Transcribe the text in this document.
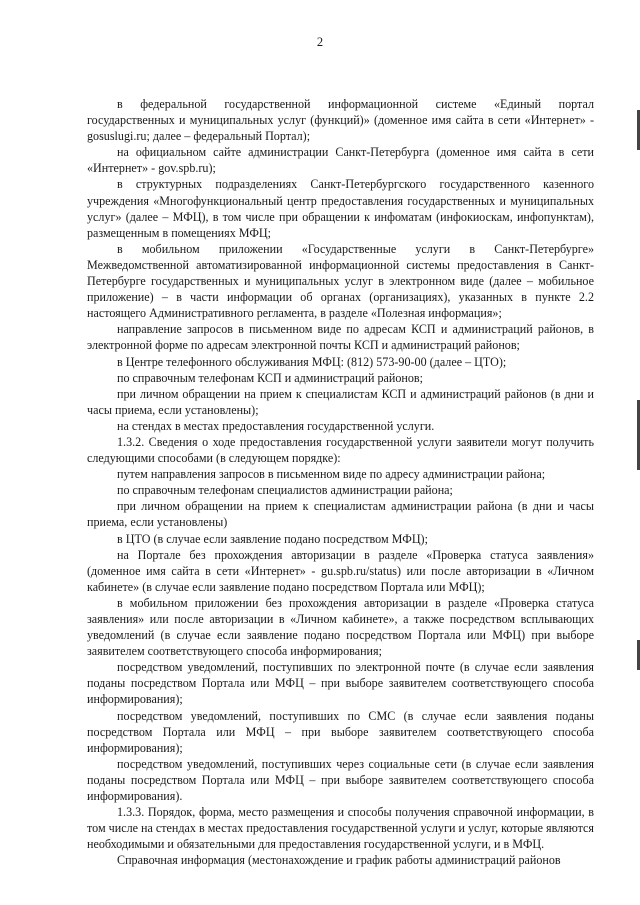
2

в федеральной государственной информационной системе «Единый портал государственных и муниципальных услуг (функций)» (доменное имя сайта в сети «Интернет» - gosuslugi.ru; далее – федеральный Портал);

на официальном сайте администрации Санкт-Петербурга (доменное имя сайта в сети «Интернет» - gov.spb.ru);

в структурных подразделениях Санкт-Петербургского государственного казенного учреждения «Многофункциональный центр предоставления государственных и муниципальных услуг» (далее – МФЦ), в том числе при обращении к инфоматам (инфокиоскам, инфопунктам), размещенным в помещениях МФЦ;

в мобильном приложении «Государственные услуги в Санкт-Петербурге» Межведомственной автоматизированной информационной системы предоставления в Санкт-Петербурге государственных и муниципальных услуг в электронном виде (далее – мобильное приложение) – в части информации об органах (организациях), указанных в пункте 2.2 настоящего Административного регламента, в разделе «Полезная информация»;

направление запросов в письменном виде по адресам КСП и администраций районов, в электронной форме по адресам электронной почты КСП и администраций районов;

в Центре телефонного обслуживания МФЦ: (812) 573-90-00 (далее – ЦТО);

по справочным телефонам КСП и администраций районов;

при личном обращении на прием к специалистам КСП и администраций районов (в дни и часы приема, если установлены);

на стендах в местах предоставления государственной услуги.

1.3.2. Сведения о ходе предоставления государственной услуги заявители могут получить следующими способами (в следующем порядке):

путем направления запросов в письменном виде по адресу администрации района;

по справочным телефонам специалистов администрации района;

при личном обращении на прием к специалистам администрации района (в дни и часы приема, если установлены)

в ЦТО (в случае если заявление подано посредством МФЦ);

на Портале без прохождения авторизации в разделе «Проверка статуса заявления» (доменное имя сайта в сети «Интернет» - gu.spb.ru/status) или после авторизации в «Личном кабинете» (в случае если заявление подано посредством Портала или МФЦ);

в мобильном приложении без прохождения авторизации в разделе «Проверка статуса заявления» или после авторизации в «Личном кабинете», а также посредством всплывающих уведомлений (в случае если заявление подано посредством Портала или МФЦ) при выборе заявителем соответствующего способа информирования;

посредством уведомлений, поступивших по электронной почте (в случае если заявления поданы посредством Портала или МФЦ – при выборе заявителем соответствующего способа информирования);

посредством уведомлений, поступивших по СМС (в случае если заявления поданы посредством Портала или МФЦ – при выборе заявителем соответствующего способа информирования);

посредством уведомлений, поступивших через социальные сети (в случае если заявления поданы посредством Портала или МФЦ – при выборе заявителем соответствующего способа информирования).

1.3.3. Порядок, форма, место размещения и способы получения справочной информации, в том числе на стендах в местах предоставления государственной услуги и услуг, которые являются необходимыми и обязательными для предоставления государственной услуги, и в МФЦ.

Справочная информация (местонахождение и график работы администраций районов
